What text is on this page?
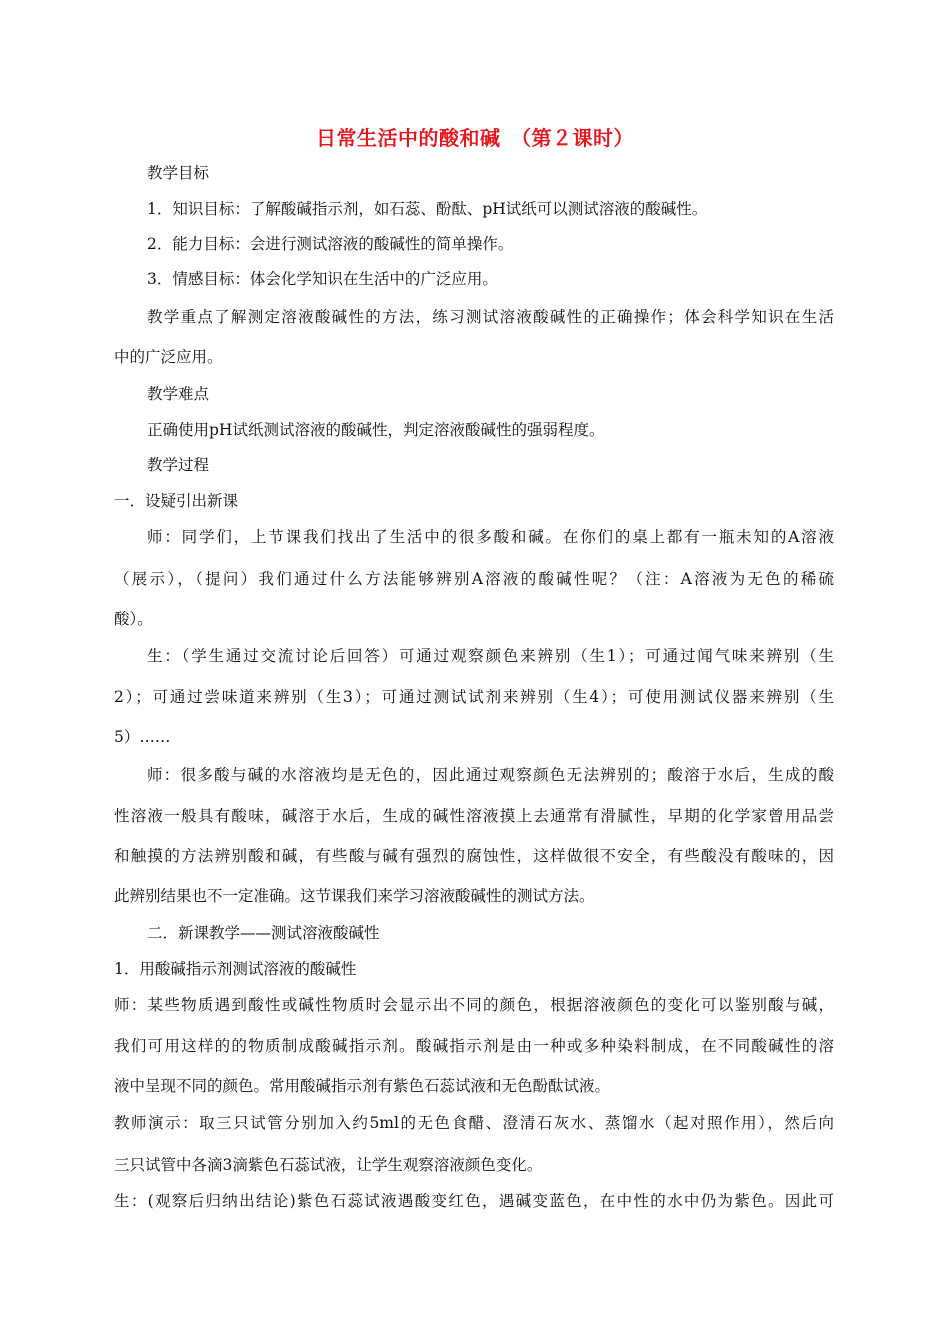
日常生活中的酸和碱　（第２课时）
教学目标
1．知识目标：了解酸碱指示剂，如石蕊、酚酞、pH试纸可以测试溶液的酸碱性。
2．能力目标：会进行测试溶液的酸碱性的简单操作。
3．情感目标：体会化学知识在生活中的广泛应用。
教学重点了解测定溶液酸碱性的方法，练习测试溶液酸碱性的正确操作；体会科学知识在生活
中的广泛应用。
教学难点
正确使用pH试纸测试溶液的酸碱性，判定溶液酸碱性的强弱程度。
教学过程
一．设疑引出新课
师：同学们，上节课我们找出了生活中的很多酸和碱。在你们的桌上都有一瓶未知的A溶液
（展示），（提问）我们通过什么方法能够辨别A溶液的酸碱性呢？（注：A溶液为无色的稀硫
酸）。
生：（学生通过交流讨论后回答）可通过观察颜色来辨别（生1）；可通过闻气味来辨别（生
2）；可通过尝味道来辨别（生3）；可通过测试试剂来辨别（生4）；可使用测试仪器来辨别（生
5）……
师：很多酸与碱的水溶液均是无色的，因此通过观察颜色无法辨别的；酸溶于水后，生成的酸
性溶液一般具有酸味，碱溶于水后，生成的碱性溶液摸上去通常有滑腻性，早期的化学家曾用品尝
和触摸的方法辨别酸和碱，有些酸与碱有强烈的腐蚀性，这样做很不安全，有些酸没有酸味的，因
此辨别结果也不一定准确。这节课我们来学习溶液酸碱性的测试方法。
二．新课教学——测试溶液酸碱性
1．用酸碱指示剂测试溶液的酸碱性
师：某些物质遇到酸性或碱性物质时会显示出不同的颜色，根据溶液颜色的变化可以鉴别酸与碱，
我们可用这样的的物质制成酸碱指示剂。酸碱指示剂是由一种或多种染料制成，在不同酸碱性的溶
液中呈现不同的颜色。常用酸碱指示剂有紫色石蕊试液和无色酚酞试液。
教师演示：取三只试管分别加入约5ml的无色食醋、澄清石灰水、蒸馏水（起对照作用），然后向
三只试管中各滴3滴紫色石蕊试液，让学生观察溶液颜色变化。
生：(观察后归纳出结论)紫色石蕊试液遇酸变红色，遇碱变蓝色，在中性的水中仍为紫色。因此可
